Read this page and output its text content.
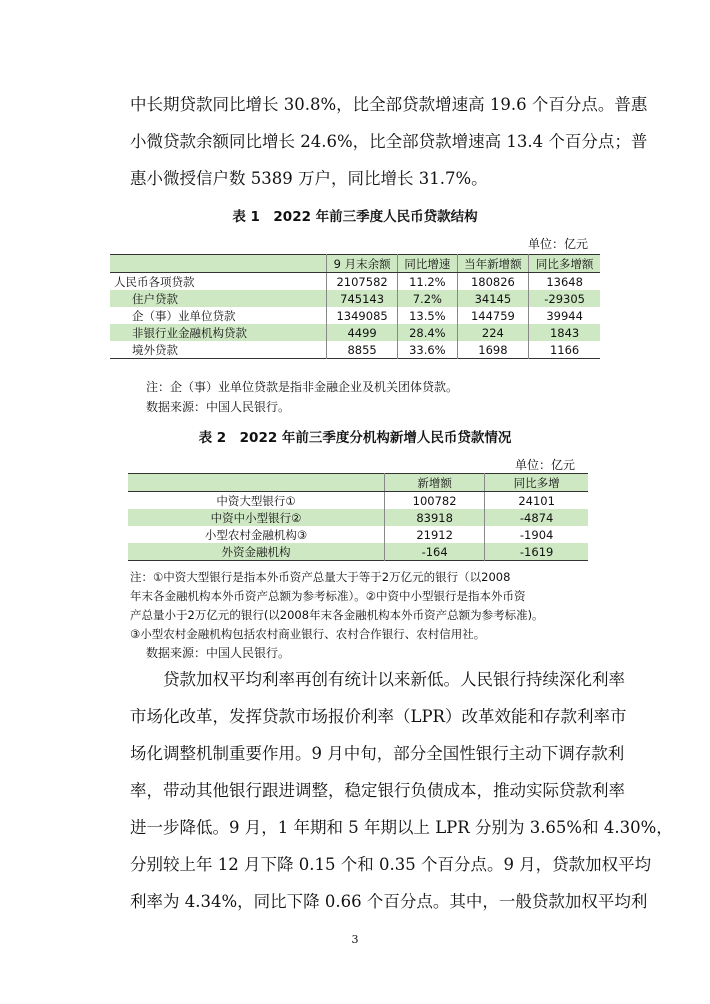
中长期贷款同比增长 30.8%，比全部贷款增速高 19.6 个百分点。普惠
小微贷款余额同比增长 24.6%，比全部贷款增速高 13.4 个百分点；普
惠小微授信户数 5389 万户，同比增长 31.7%。
表 1　2022 年前三季度人民币贷款结构
单位：亿元
	9 月末余额	同比增速	当年新增额	同比多增额
人民币各项贷款	2107582	11.2%	180826	13648
住户贷款	745143	7.2%	34145	-29305
企（事）业单位贷款	1349085	13.5%	144759	39944
非银行业金融机构贷款	4499	28.4%	224	1843
境外贷款	8855	33.6%	1698	1166

注：企（事）业单位贷款是指非金融企业及机关团体贷款。

数据来源：中国人民银行。

表 2　2022 年前三季度分机构新增人民币贷款情况
单位：亿元
	新增额	同比多增
中资大型银行①	100782	24101
中资中小型银行②	83918	-4874
小型农村金融机构③	21912	-1904
外资金融机构	-164	-1619
注：①中资大型银行是指本外币资产总量大于等于2万亿元的银行（以2008
年末各金融机构本外币资产总额为参考标准）。②中资中小型银行是指本外币资
产总量小于2万亿元的银行(以2008年末各金融机构本外币资产总额为参考标准)。
③小型农村金融机构包括农村商业银行、农村合作银行、农村信用社。

数据来源：中国人民银行。

　　贷款加权平均利率再创有统计以来新低。人民银行持续深化利率
市场化改革，发挥贷款市场报价利率（LPR）改革效能和存款利率市
场化调整机制重要作用。9 月中旬，部分全国性银行主动下调存款利
率，带动其他银行跟进调整，稳定银行负债成本，推动实际贷款利率
进一步降低。9 月，1 年期和 5 年期以上 LPR 分别为 3.65%和 4.30%，
分别较上年 12 月下降 0.15 个和 0.35 个百分点。9 月，贷款加权平均
利率为 4.34%，同比下降 0.66 个百分点。其中，一般贷款加权平均利
3
